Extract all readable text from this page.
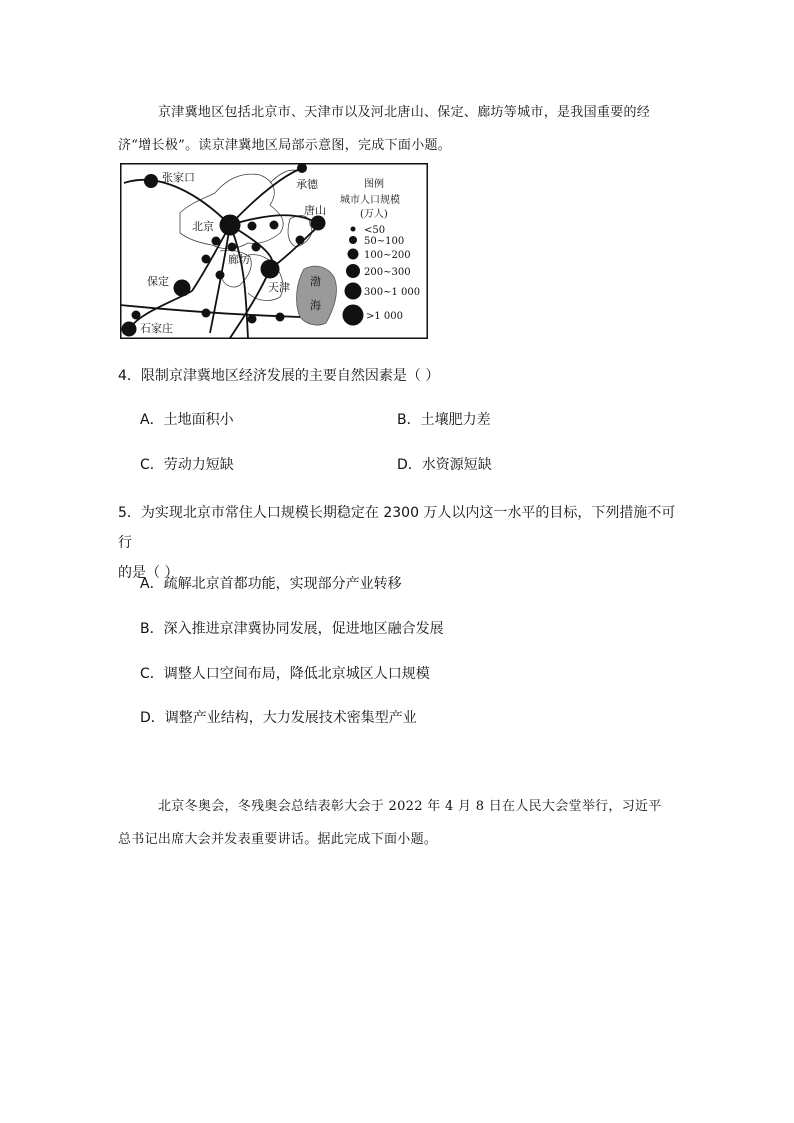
京津冀地区包括北京市、天津市以及河北唐山、保定、廊坊等城市，是我国重要的经
济“增长极”。读京津冀地区局部示意图，完成下面小题。
张家口
承德
北京
唐山
廊坊
保定	天津
石家庄
渤
海
图例
城市人口规模
(万人)
<50
50~100
100~200
200~300
300~1 000
>1 000
4．限制京津冀地区经济发展的主要自然因素是（ ）
A．土地面积小	B．土壤肥力差
C．劳动力短缺	D．水资源短缺
5．为实现北京市常住人口规模长期稳定在 2300 万人以内这一水平的目标，下列措施不可行
的是（ ）
A．疏解北京首都功能，实现部分产业转移
B．深入推进京津冀协同发展，促进地区融合发展
C．调整人口空间布局，降低北京城区人口规模
D．调整产业结构，大力发展技术密集型产业
北京冬奥会，冬残奥会总结表彰大会于 2022 年 4 月 8 日在人民大会堂举行，习近平
总书记出席大会并发表重要讲话。据此完成下面小题。
